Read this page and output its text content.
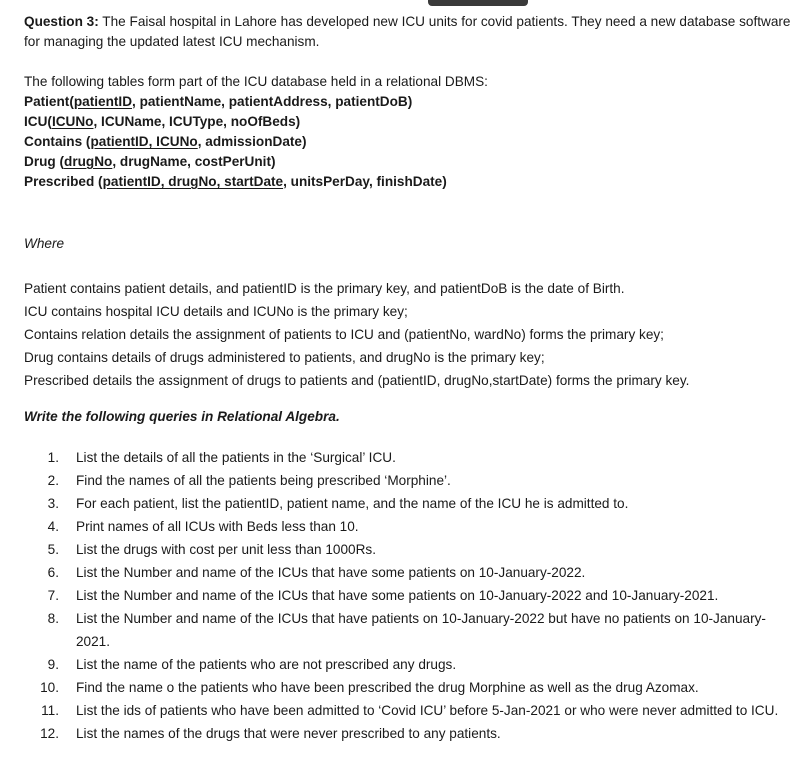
Question 3: The Faisal hospital in Lahore has developed new ICU units for covid patients. They need a new database software for managing the updated latest ICU mechanism.

The following tables form part of the ICU database held in a relational DBMS:

Patient(patientID, patientName, patientAddress, patientDoB)

ICU(ICUNo, ICUName, ICUType, noOfBeds)

Contains (patientID, ICUNo, admissionDate)

Drug (drugNo, drugName, costPerUnit)

Prescribed (patientID, drugNo, startDate, unitsPerDay, finishDate)

Where

Patient contains patient details, and patientID is the primary key, and patientDoB is the date of Birth.

ICU contains hospital ICU details and ICUNo is the primary key;

Contains relation details the assignment of patients to ICU and (patientNo, wardNo) forms the primary key;

Drug contains details of drugs administered to patients, and drugNo is the primary key;

Prescribed details the assignment of drugs to patients and (patientID, drugNo,startDate) forms the primary key.

Write the following queries in Relational Algebra.

1.	List the details of all the patients in the ‘Surgical’ ICU.
2.	Find the names of all the patients being prescribed ‘Morphine’.
3.	For each patient, list the patientID, patient name, and the name of the ICU he is admitted to.
4.	Print names of all ICUs with Beds less than 10.
5.	List the drugs with cost per unit less than 1000Rs.
6.	List the Number and name of the ICUs that have some patients on 10-January-2022.
7.	List the Number and name of the ICUs that have some patients on 10-January-2022 and 10-January-2021.
8.	List the Number and name of the ICUs that have patients on 10-January-2022 but have no patients on 10-January-2021.
9.	List the name of the patients who are not prescribed any drugs.
10.	Find the name o the patients who have been prescribed the drug Morphine as well as the drug Azomax.
11.	List the ids of patients who have been admitted to ‘Covid ICU’ before 5-Jan-2021 or who were never admitted to ICU.
12.	List the names of the drugs that were never prescribed to any patients.
